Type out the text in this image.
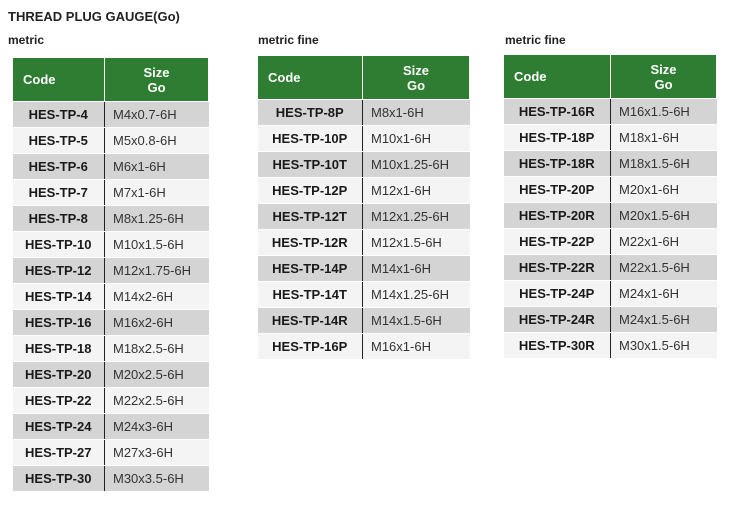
THREAD PLUG GAUGE(Go)
metric
Code	Size
Go
HES-TP-4	M4x0.7-6H
HES-TP-5	M5x0.8-6H
HES-TP-6	M6x1-6H
HES-TP-7	M7x1-6H
HES-TP-8	M8x1.25-6H
HES-TP-10	M10x1.5-6H
HES-TP-12	M12x1.75-6H
HES-TP-14	M14x2-6H
HES-TP-16	M16x2-6H
HES-TP-18	M18x2.5-6H
HES-TP-20	M20x2.5-6H
HES-TP-22	M22x2.5-6H
HES-TP-24	M24x3-6H
HES-TP-27	M27x3-6H
HES-TP-30	M30x3.5-6H
metric fine
Code	Size
Go
HES-TP-8P	M8x1-6H
HES-TP-10P	M10x1-6H
HES-TP-10T	M10x1.25-6H
HES-TP-12P	M12x1-6H
HES-TP-12T	M12x1.25-6H
HES-TP-12R	M12x1.5-6H
HES-TP-14P	M14x1-6H
HES-TP-14T	M14x1.25-6H
HES-TP-14R	M14x1.5-6H
HES-TP-16P	M16x1-6H
metric fine
Code	Size
Go
HES-TP-16R	M16x1.5-6H
HES-TP-18P	M18x1-6H
HES-TP-18R	M18x1.5-6H
HES-TP-20P	M20x1-6H
HES-TP-20R	M20x1.5-6H
HES-TP-22P	M22x1-6H
HES-TP-22R	M22x1.5-6H
HES-TP-24P	M24x1-6H
HES-TP-24R	M24x1.5-6H
HES-TP-30R	M30x1.5-6H
